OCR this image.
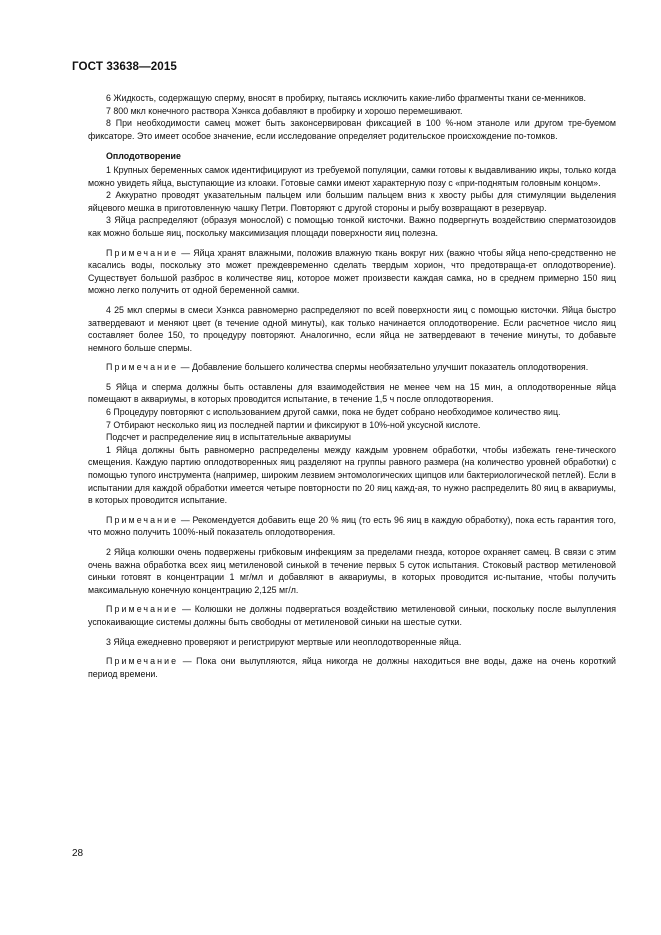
ГОСТ 33638—2015

6 Жидкость, содержащую сперму, вносят в пробирку, пытаясь исключить какие-либо фрагменты ткани се-менников.

7 800 мкл конечного раствора Хэнкса добавляют в пробирку и хорошо перемешивают.

8 При необходимости самец может быть законсервирован фиксацией в 100 %-ном этаноле или другом тре-буемом фиксаторе. Это имеет особое значение, если исследование определяет родительское происхождение по-томков.

Оплодотворение

1 Крупных беременных самок идентифицируют из требуемой популяции, самки готовы к выдавливанию икры, только когда можно увидеть яйца, выступающие из клоаки. Готовые самки имеют характерную позу с «при-поднятым головным концом».

2 Аккуратно проводят указательным пальцем или большим пальцем вниз к хвосту рыбы для стимуляции выделения яйцевого мешка в приготовленную чашку Петри. Повторяют с другой стороны и рыбу возвращают в резервуар.

3 Яйца распределяют (образуя монослой) с помощью тонкой кисточки. Важно подвергнуть воздействию сперматозоидов как можно больше яиц, поскольку максимизация площади поверхности яиц полезна.

Примечание — Яйца хранят влажными, положив влажную ткань вокруг них (важно чтобы яйца непо-средственно не касались воды, поскольку это может преждевременно сделать твердым хорион, что предотвраща-ет оплодотворение). Существует большой разброс в количестве яиц, которое может произвести каждая самка, но в среднем примерно 150 яиц можно легко получить от одной беременной самки.

4 25 мкл спермы в смеси Хэнкса равномерно распределяют по всей поверхности яиц с помощью кисточки. Яйца быстро затвердевают и меняют цвет (в течение одной минуты), как только начинается оплодотворение. Если расчетное число яиц составляет более 150, то процедуру повторяют. Аналогично, если яйца не затвердевают в течение минуты, то добавьте немного больше спермы.

Примечание — Добавление большего количества спермы необязательно улучшит показатель оплодотворения.

5 Яйца и сперма должны быть оставлены для взаимодействия не менее чем на 15 мин, а оплодотворенные яйца помещают в аквариумы, в которых проводится испытание, в течение 1,5 ч после оплодотворения.

6 Процедуру повторяют с использованием другой самки, пока не будет собрано необходимое количество яиц.

7 Отбирают несколько яиц из последней партии и фиксируют в 10%-ной уксусной кислоте.

Подсчет и распределение яиц в испытательные аквариумы

1 Яйца должны быть равномерно распределены между каждым уровнем обработки, чтобы избежать гене-тического смещения. Каждую партию оплодотворенных яиц разделяют на группы равного размера (на количество уровней обработки) с помощью тупого инструмента (например, широким лезвием энтомологических щипцов или бактериологической петлей). Если в испытании для каждой обработки имеется четыре повторности по 20 яиц кажд-ая, то нужно распределить 80 яиц в аквариумы, в которых проводится испытание.

Примечание — Рекомендуется добавить еще 20 % яиц (то есть 96 яиц в каждую обработку), пока есть гарантия того, что можно получить 100%-ный показатель оплодотворения.

2 Яйца колюшки очень подвержены грибковым инфекциям за пределами гнезда, которое охраняет самец. В связи с этим очень важна обработка всех яиц метиленовой синькой в течение первых 5 суток испытания. Стоковый раствор метиленовой синьки готовят в концентрации 1 мг/мл и добавляют в аквариумы, в которых проводится ис-пытание, чтобы получить максимальную конечную концентрацию 2,125 мг/л.

Примечание — Колюшки не должны подвергаться воздействию метиленовой синьки, поскольку после вылупления успокаивающие системы должны быть свободны от метиленовой синьки на шестые сутки.

3 Яйца ежедневно проверяют и регистрируют мертвые или неоплодотворенные яйца.

Примечание — Пока они вылупляются, яйца никогда не должны находиться вне воды, даже на очень короткий период времени.

28
